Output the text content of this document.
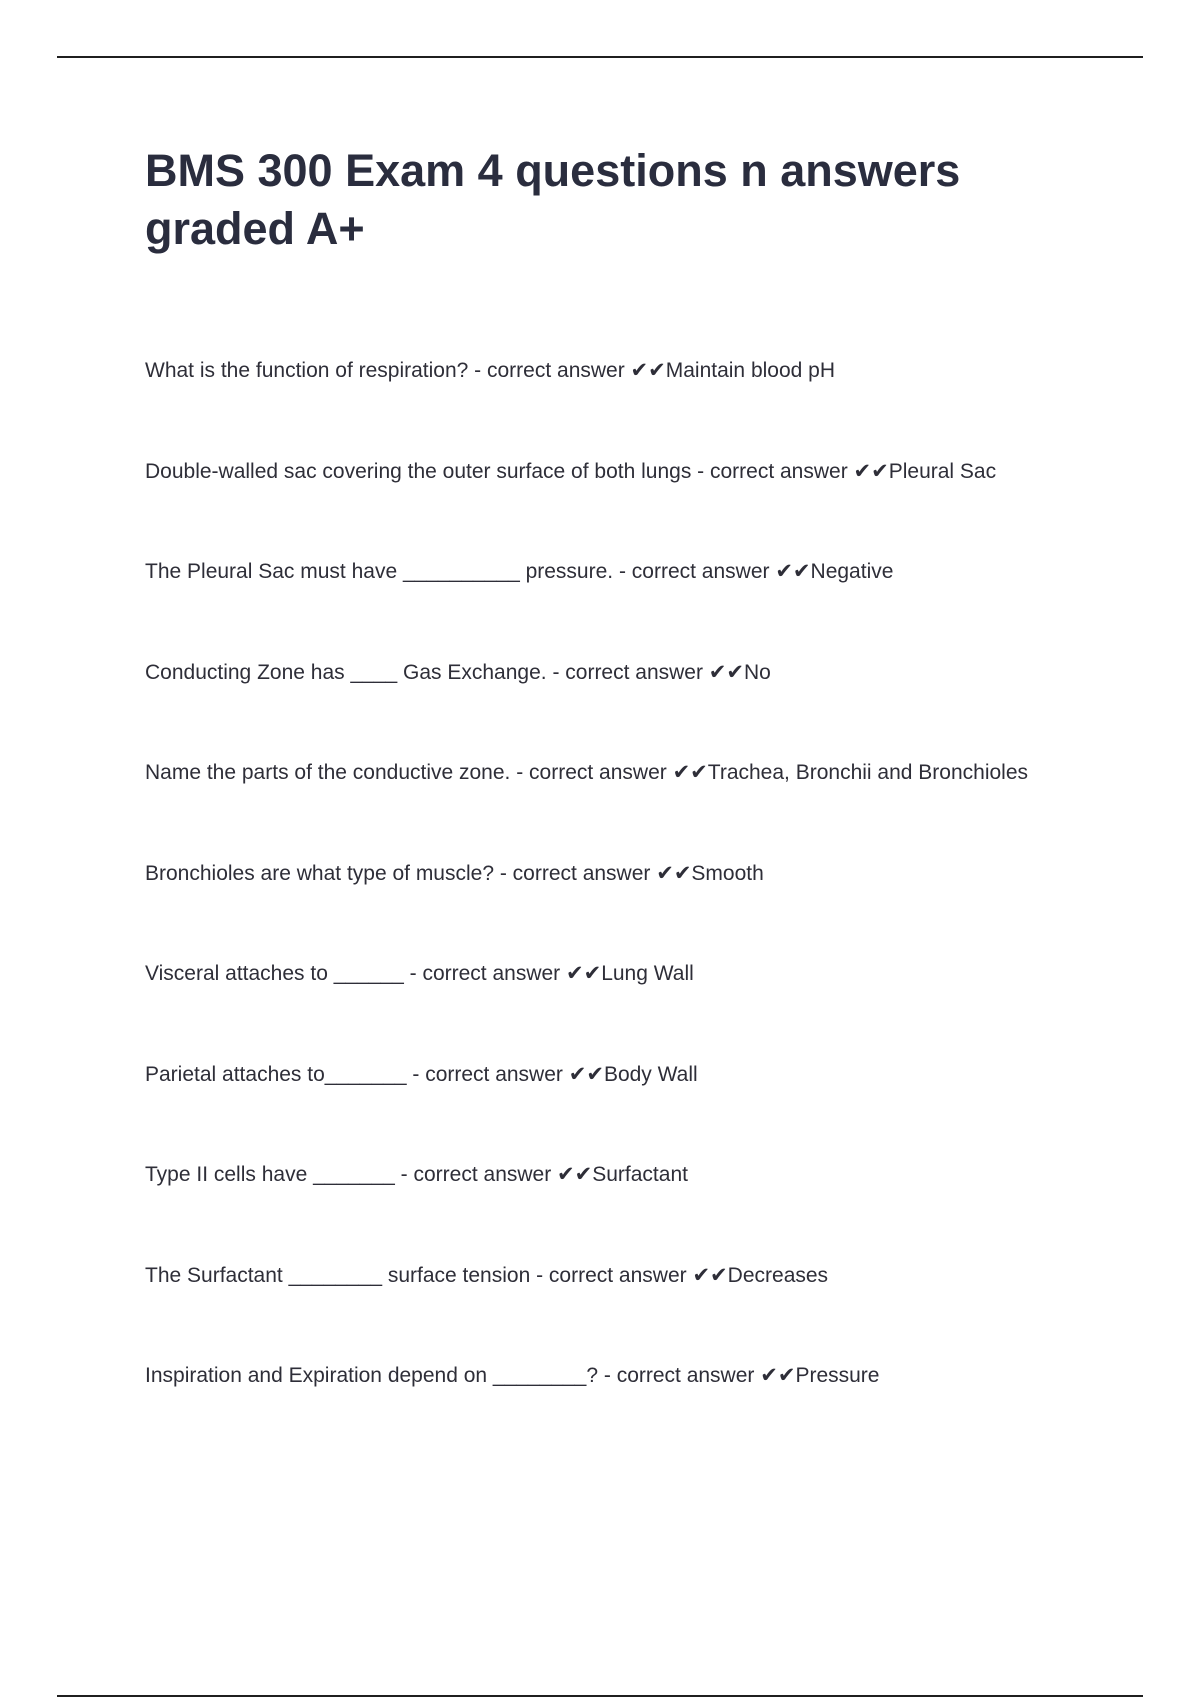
BMS 300 Exam 4 questions n answers graded A+
What is the function of respiration? - correct answer ✔✔Maintain blood pH
Double-walled sac covering the outer surface of both lungs - correct answer ✔✔Pleural Sac
The Pleural Sac must have __________ pressure. - correct answer ✔✔Negative
Conducting Zone has ____ Gas Exchange. - correct answer ✔✔No
Name the parts of the conductive zone. - correct answer ✔✔Trachea, Bronchii and Bronchioles
Bronchioles are what type of muscle? - correct answer ✔✔Smooth
Visceral attaches to ______ - correct answer ✔✔Lung Wall
Parietal attaches to_______ - correct answer ✔✔Body Wall
Type II cells have _______ - correct answer ✔✔Surfactant
The Surfactant ________ surface tension - correct answer ✔✔Decreases
Inspiration and Expiration depend on ________? - correct answer ✔✔Pressure
